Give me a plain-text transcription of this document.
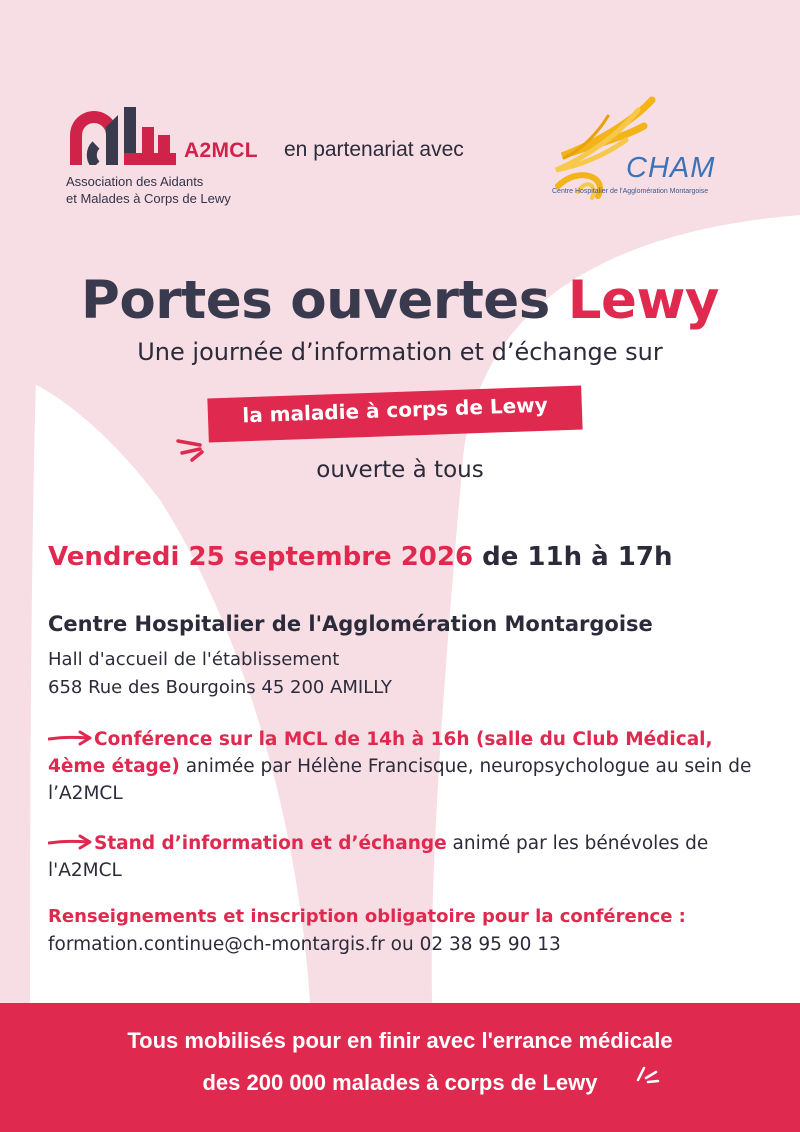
A2MCL
Association des Aidants
et Malades à Corps de Lewy
en partenariat avec
CHAM
Centre Hospitalier de l'Agglomération Montargoise
Portes ouvertes Lewy
Une journée d’information et d’échange sur
la maladie à corps de Lewy
ouverte à tous
Vendredi 25 septembre 2026 de 11h à 17h
Centre Hospitalier de l'Agglomération Montargoise
Hall d'accueil de l'établissement
658 Rue des Bourgoins 45 200 AMILLY
Conférence sur la MCL de 14h à 16h (salle du Club Médical, 4ème étage) animée par Hélène Francisque, neuropsychologue au sein de l’A2MCL
Stand d’information et d’échange animé par les bénévoles de l'A2MCL
Renseignements et inscription obligatoire pour la conférence :
formation.continue@ch-montargis.fr ou 02 38 95 90 13
Tous mobilisés pour en finir avec l'errance médicale
des 200 000 malades à corps de Lewy
